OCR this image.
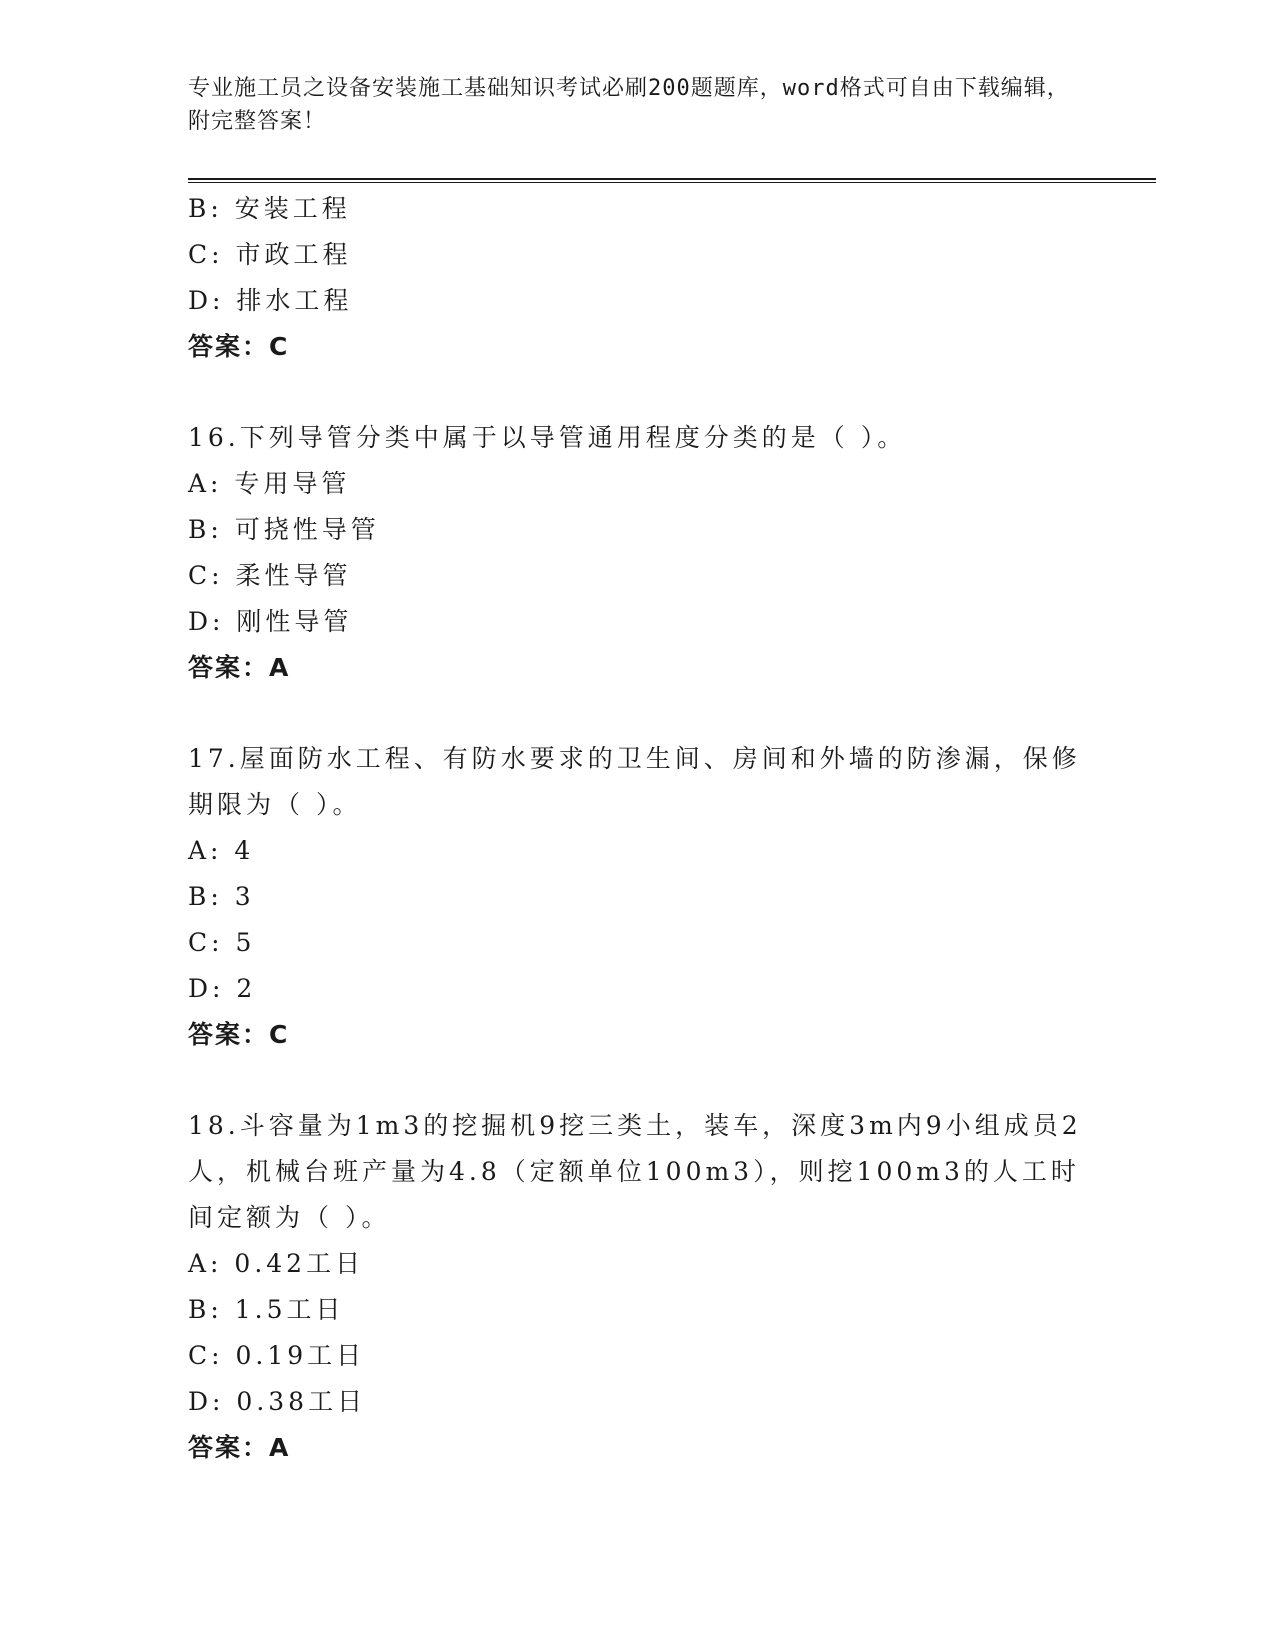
专业施工员之设备安装施工基础知识考试必刷200题题库，word格式可自由下载编辑，附完整答案！
B: 安装工程
C: 市政工程
D: 排水工程
答案：C
16.下列导管分类中属于以导管通用程度分类的是（ ）。
A: 专用导管
B: 可挠性导管
C: 柔性导管
D: 刚性导管
答案：A
17.屋面防水工程、有防水要求的卫生间、房间和外墙的防渗漏，保修期限为（ ）。
A: 4
B: 3
C: 5
D: 2
答案：C
18.斗容量为1m3的挖掘机9挖三类土，装车，深度3m内9小组成员2人，机械台班产量为4.8（定额单位100m3），则挖100m3的人工时间定额为（ ）。
A: 0.42工日
B: 1.5工日
C: 0.19工日
D: 0.38工日
答案：A
